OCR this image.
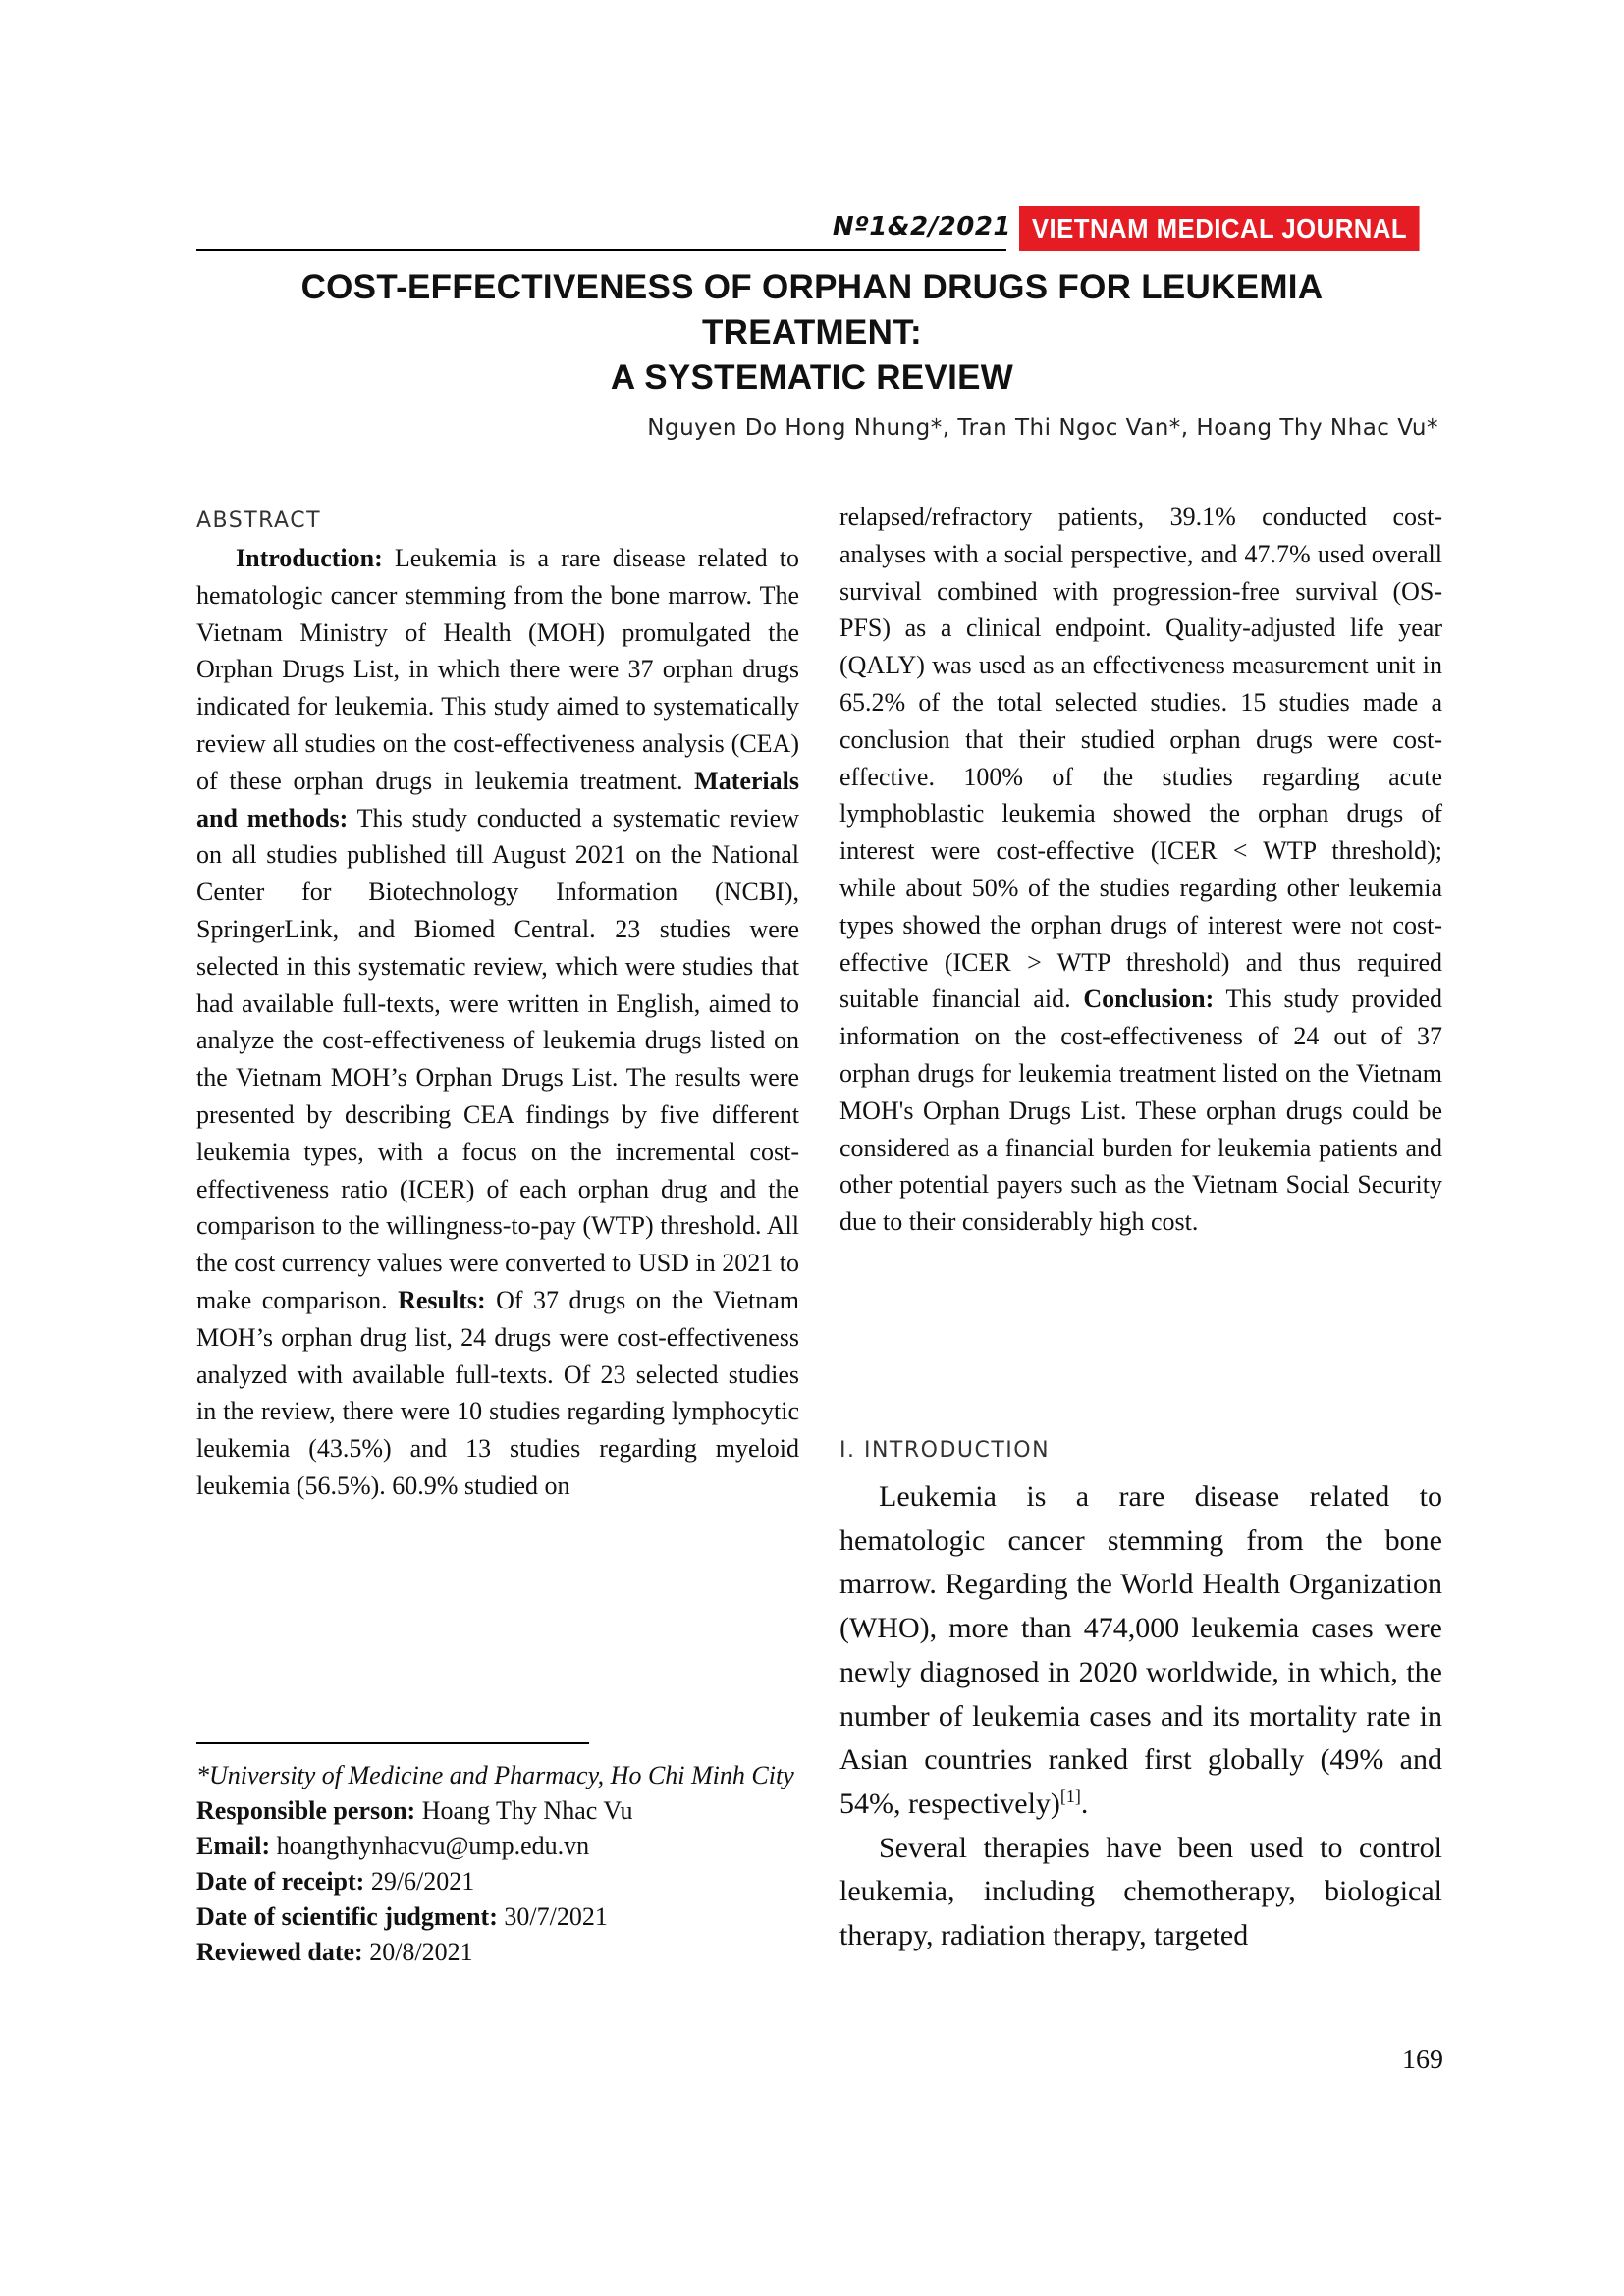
Nº1&2/2021 VIETNAM MEDICAL JOURNAL
COST-EFFECTIVENESS OF ORPHAN DRUGS FOR LEUKEMIA TREATMENT:
A SYSTEMATIC REVIEW
Nguyen Do Hong Nhung*, Tran Thi Ngoc Van*, Hoang Thy Nhac Vu*
ABSTRACT

Introduction: Leukemia is a rare disease related to hematologic cancer stemming from the bone marrow. The Vietnam Ministry of Health (MOH) promulgated the Orphan Drugs List, in which there were 37 orphan drugs indicated for leukemia. This study aimed to systematically review all studies on the cost-effectiveness analysis (CEA) of these orphan drugs in leukemia treatment. Materials and methods: This study conducted a systematic review on all studies published till August 2021 on the National Center for Biotechnology Information (NCBI), SpringerLink, and Biomed Central. 23 studies were selected in this systematic review, which were studies that had available full-texts, were written in English, aimed to analyze the cost-effectiveness of leukemia drugs listed on the Vietnam MOH’s Orphan Drugs List. The results were presented by describing CEA findings by five different leukemia types, with a focus on the incremental cost-effectiveness ratio (ICER) of each orphan drug and the comparison to the willingness-to-pay (WTP) threshold. All the cost currency values were converted to USD in 2021 to make comparison. Results: Of 37 drugs on the Vietnam MOH’s orphan drug list, 24 drugs were cost-effectiveness analyzed with available full-texts. Of 23 selected studies in the review, there were 10 studies regarding lymphocytic leukemia (43.5%) and 13 studies regarding myeloid leukemia (56.5%). 60.9% studied on

relapsed/refractory patients, 39.1% conducted cost-analyses with a social perspective, and 47.7% used overall survival combined with progression-free survival (OS-PFS) as a clinical endpoint. Quality-adjusted life year (QALY) was used as an effectiveness measurement unit in 65.2% of the total selected studies. 15 studies made a conclusion that their studied orphan drugs were cost-effective. 100% of the studies regarding acute lymphoblastic leukemia showed the orphan drugs of interest were cost-effective (ICER < WTP threshold); while about 50% of the studies regarding other leukemia types showed the orphan drugs of interest were not cost-effective (ICER > WTP threshold) and thus required suitable financial aid. Conclusion: This study provided information on the cost-effectiveness of 24 out of 37 orphan drugs for leukemia treatment listed on the Vietnam MOH's Orphan Drugs List. These orphan drugs could be considered as a financial burden for leukemia patients and other potential payers such as the Vietnam Social Security due to their considerably high cost.

I. INTRODUCTION

Leukemia is a rare disease related to hematologic cancer stemming from the bone marrow. Regarding the World Health Organization (WHO), more than 474,000 leukemia cases were newly diagnosed in 2020 worldwide, in which, the number of leukemia cases and its mortality rate in Asian countries ranked first globally (49% and 54%, respectively)[1].

Several therapies have been used to control leukemia, including chemotherapy, biological therapy, radiation therapy, targeted

*University of Medicine and Pharmacy, Ho Chi Minh City
Responsible person: Hoang Thy Nhac Vu
Email: hoangthynhacvu@ump.edu.vn
Date of receipt: 29/6/2021
Date of scientific judgment: 30/7/2021
Reviewed date: 20/8/2021
169
